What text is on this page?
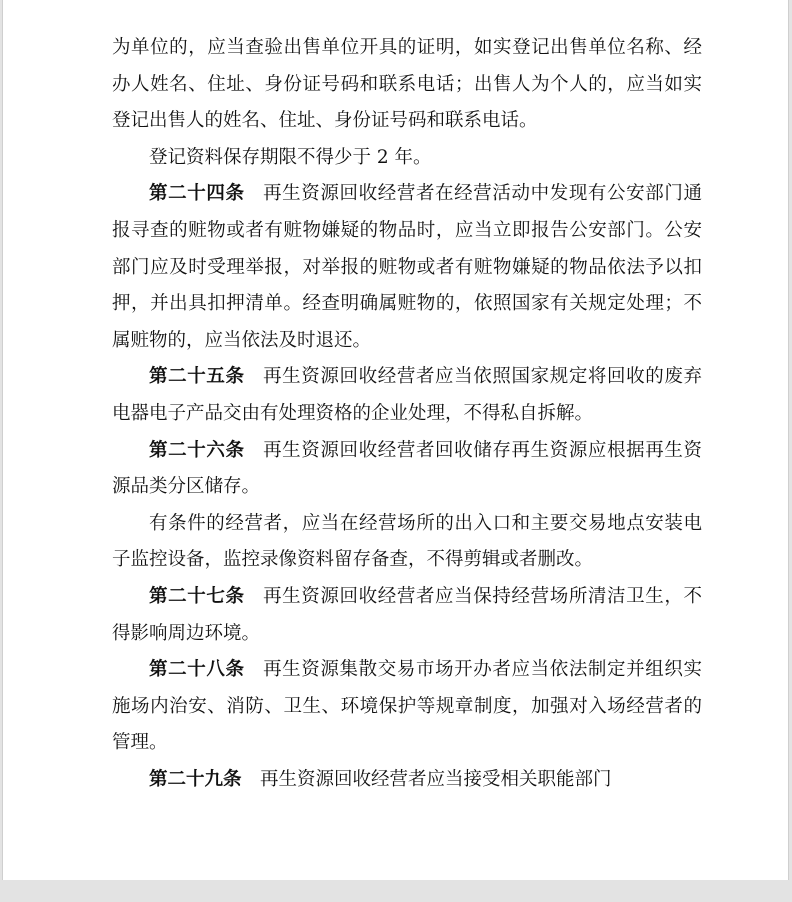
为单位的，应当查验出售单位开具的证明，如实登记出售单位名称、经办人姓名、住址、身份证号码和联系电话；出售人为个人的，应当如实登记出售人的姓名、住址、身份证号码和联系电话。

登记资料保存期限不得少于 2 年。

第二十四条 再生资源回收经营者在经营活动中发现有公安部门通报寻查的赃物或者有赃物嫌疑的物品时，应当立即报告公安部门。公安部门应及时受理举报，对举报的赃物或者有赃物嫌疑的物品依法予以扣押，并出具扣押清单。经查明确属赃物的，依照国家有关规定处理；不属赃物的，应当依法及时退还。

第二十五条 再生资源回收经营者应当依照国家规定将回收的废弃电器电子产品交由有处理资格的企业处理，不得私自拆解。

第二十六条 再生资源回收经营者回收储存再生资源应根据再生资源品类分区储存。

有条件的经营者，应当在经营场所的出入口和主要交易地点安装电子监控设备，监控录像资料留存备查，不得剪辑或者删改。

第二十七条 再生资源回收经营者应当保持经营场所清洁卫生，不得影响周边环境。

第二十八条 再生资源集散交易市场开办者应当依法制定并组织实施场内治安、消防、卫生、环境保护等规章制度，加强对入场经营者的管理。

第二十九条 再生资源回收经营者应当接受相关职能部门
